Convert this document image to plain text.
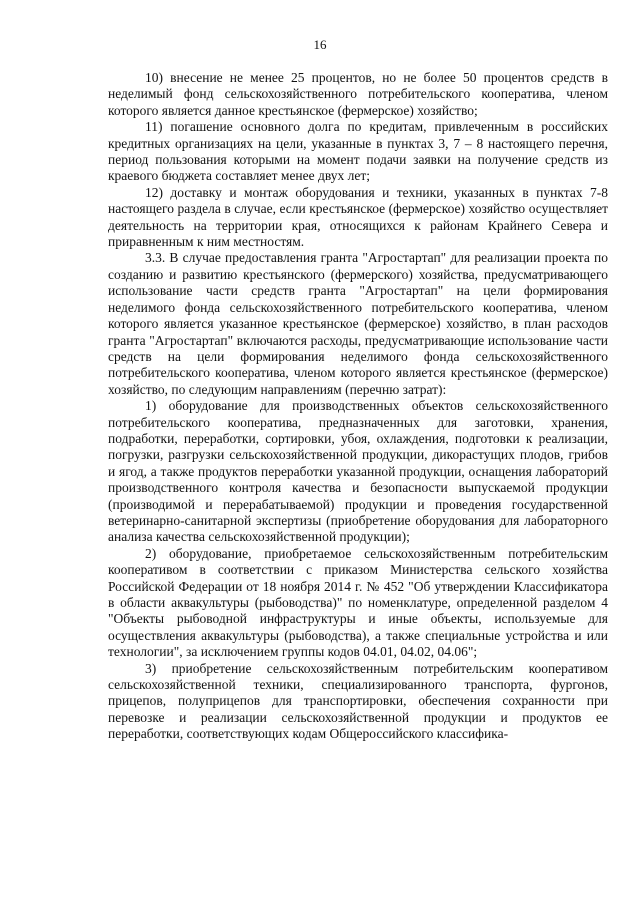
16

10) внесение не менее 25 процентов, но не более 50 процентов средств в неделимый фонд сельскохозяйственного потребительского кооператива, членом которого является данное крестьянское (фермерское) хозяйство;

11) погашение основного долга по кредитам, привлеченным в российских кредитных организациях на цели, указанные в пунктах 3, 7 – 8 настоящего перечня, период пользования которыми на момент подачи заявки на получение средств из краевого бюджета составляет менее двух лет;

12) доставку и монтаж оборудования и техники, указанных в пунктах 7-8 настоящего раздела в случае, если крестьянское (фермерское) хозяйство осуществляет деятельность на территории края, относящихся к районам Крайнего Севера и приравненным к ним местностям.

3.3. В случае предоставления гранта "Агростартап" для реализации проекта по созданию и развитию крестьянского (фермерского) хозяйства, предусматривающего использование части средств гранта "Агростартап" на цели формирования неделимого фонда сельскохозяйственного потребительского кооператива, членом которого является указанное крестьянское (фермерское) хозяйство, в план расходов гранта "Агростартап" включаются расходы, предусматривающие использование части средств на цели формирования неделимого фонда сельскохозяйственного потребительского кооператива, членом которого является крестьянское (фермерское) хозяйство, по следующим направлениям (перечню затрат):

1) оборудование для производственных объектов сельскохозяйственного потребительского кооператива, предназначенных для заготовки, хранения, подработки, переработки, сортировки, убоя, охлаждения, подготовки к реализации, погрузки, разгрузки сельскохозяйственной продукции, дикорастущих плодов, грибов и ягод, а также продуктов переработки указанной продукции, оснащения лабораторий производственного контроля качества и безопасности выпускаемой продукции (производимой и перерабатываемой) продукции и проведения государственной ветеринарно-санитарной экспертизы (приобретение оборудования для лабораторного анализа качества сельскохозяйственной продукции);

2) оборудование, приобретаемое сельскохозяйственным потребительским кооперативом в соответствии с приказом Министерства сельского хозяйства Российской Федерации от 18 ноября 2014 г. № 452 "Об утверждении Классификатора в области аквакультуры (рыбоводства)" по номенклатуре, определенной разделом 4 "Объекты рыбоводной инфраструктуры и иные объекты, используемые для осуществления аквакультуры (рыбоводства), а также специальные устройства и или технологии", за исключением группы кодов 04.01, 04.02, 04.06";

3) приобретение сельскохозяйственным потребительским кооперативом сельскохозяйственной техники, специализированного транспорта, фургонов, прицепов, полуприцепов для транспортировки, обеспечения сохранности при перевозке и реализации сельскохозяйственной продукции и продуктов ее переработки, соответствующих кодам Общероссийского классифика-
